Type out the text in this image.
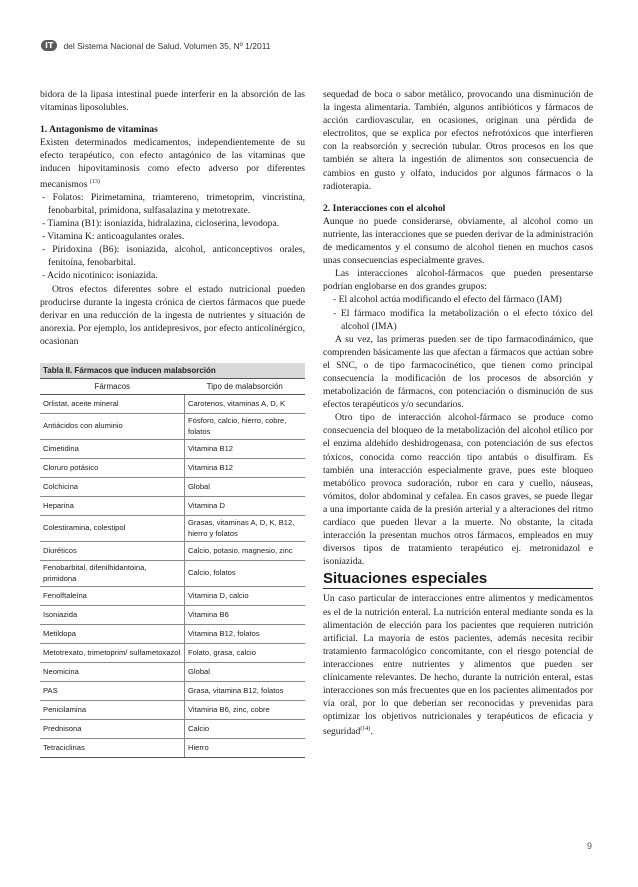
IT	del Sistema Nacional de Salud. Volumen 35, Nº 1/2011

bidora de la lipasa intestinal puede interferir en la absorción de las vitaminas liposolubles.

1. Antagonismo de vitaminas

Existen determinados medicamentos, independientemente de su efecto terapéutico, con efecto antagónico de las vitaminas que inducen hipovitaminosis como efecto adverso por diferentes mecanismos $^{(13)}$

- Folatos: Pirimetamina, triamtereno, trimetoprim, vincristina, fenobarbital, primidona, sulfasalazina y metotrexate.

- Tiamina (B1): isoniazida, hidralazina, cicloserina, levodopa.

- Vitamina K: anticoagulantes orales.

- Piridoxina (B6): isoniazida, alcohol, anticonceptivos orales, fenitoína, fenobarbital.

- Acido nicotínico: isoniazida.

Otros efectos diferentes sobre el estado nutricional pueden producirse durante la ingesta crónica de ciertos fármacos que puede derivar en una reducción de la ingesta de nutrientes y situación de anorexia. Por ejemplo, los antidepresivos, por efecto anticolinérgico, ocasionan

Tabla II. Fármacos que inducen malabsorción
Fármacos	Tipo de malabsorción
Orlistat, aceite mineral	Carotenos, vitaminas A, D, K
Antiácidos con aluminio	Fósforo, calcio, hierro, cobre, folatos
Cimetidina	Vitamina B12
Cloruro potásico	Vitamina B12
Colchicina	Global
Heparina	Vitamina D
Colestiramina, colestipol	Grasas, vitaminas A, D, K, B12, hierro y folatos
Diuréticos	Calcio, potasio, magnesio, zinc
Fenobarbital, difenilhidantoina, primidona	Calcio, folatos
Fenolftaleína	Vitamina D, calcio
Isoniazida	Vitamina B6
Metildopa	Vitamina B12, folatos
Metotrexato, trimetoprim/ sulfametoxazol	Folato, grasa, calcio
Neomicina	Global
PAS	Grasa, vitamina B12, folatos
Penicilamina	Vitamina B6, zinc, cobre
Prednisona	Calcio
Tetraciclinas	Hierro

sequedad de boca o sabor metálico, provocando una disminución de la ingesta alimentaria. También, algunos antibióticos y fármacos de acción cardiovascular, en ocasiones, originan una pérdida de electrolitos, que se explica por efectos nefrotóxicos que interfieren con la reabsorción y secreción tubular. Otros procesos en los que también se altera la ingestión de alimentos son consecuencia de cambios en gusto y olfato, inducidos por algunos fármacos o la radioterapia.

2. Interacciones con el alcohol

Aunque no puede considerarse, obviamente, al alcohol como un nutriente, las interacciones que se pueden derivar de la administración de medicamentos y el consumo de alcohol tienen en muchos casos unas consecuencias especialmente graves.

Las interacciones alcohol-fármacos que pueden presentarse podrían englobarse en dos grandes grupos:

- El alcohol actúa modificando el efecto del fármaco (IAM)

- El fármaco modifica la metabolización o el efecto tóxico del alcohol (IMA)

A su vez, las primeras pueden ser de tipo farmacodinámico, que comprenden básicamente las que afectan a fármacos que actúan sobre el SNC, o de tipo farmacocinético, que tienen como principal consecuencia la modificación de los procesos de absorción y metabolización de fármacos, con potenciación o disminución de sus efectos terapéuticos y/o secundarios.

Otro tipo de interacción alcohol-fármaco se produce como consecuencia del bloqueo de la metabolización del alcohol etílico por el enzima aldehído deshidrogenasa, con potenciación de sus efectos tóxicos, conocida como reacción tipo antabús o disulfiram. Es también una interacción especialmente grave, pues este bloqueo metabólico provoca sudoración, rubor en cara y cuello, náuseas, vómitos, dolor abdominal y cefalea. En casos graves, se puede llegar a una importante caída de la presión arterial y a alteraciones del ritmo cardíaco que pueden llevar a la muerte. No obstante, la citada interacción la presentan muchos otros fármacos, empleados en muy diversos tipos de tratamiento terapéutico ej. metronidazol e isoniazida.

Situaciones especiales

Un caso particular de interacciones entre alimentos y medicamentos es el de la nutrición enteral. La nutrición enteral mediante sonda es la alimentación de elección para los pacientes que requieren nutrición artificial. La mayoría de estos pacientes, además necesita recibir tratamiento farmacológico concomitante, con el riesgo potencial de interacciones entre nutrientes y alimentos que pueden ser clínicamente relevantes. De hecho, durante la nutrición enteral, estas interacciones son más frecuentes que en los pacientes alimentados por vía oral, por lo que deberían ser reconocidas y prevenidas para optimizar los objetivos nutricionales y terapéuticos de eficacia y seguridad$^{(14)}$.

9
